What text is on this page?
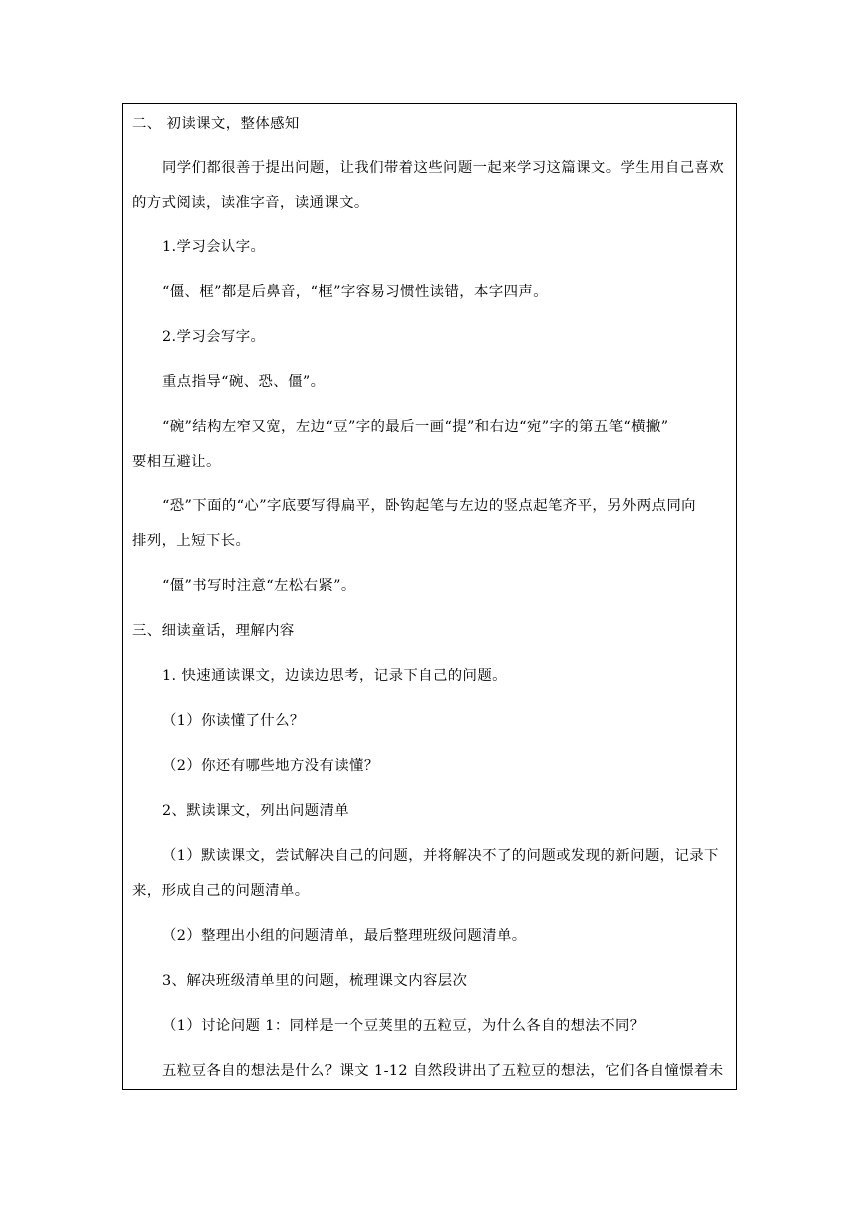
二、 初读课文，整体感知
同学们都很善于提出问题，让我们带着这些问题一起来学习这篇课文。学生用自己喜欢
的方式阅读，读准字音，读通课文。
1.学习会认字。
“僵、框”都是后鼻音，“框”字容易习惯性读错，本字四声。
2.学习会写字。
重点指导“碗、恐、僵”。
“碗”结构左窄又宽，左边“豆”字的最后一画“提”和右边“宛”字的第五笔“横撇”
要相互避让。
“恐”下面的“心”字底要写得扁平，卧钩起笔与左边的竖点起笔齐平，另外两点同向
排列，上短下长。
“僵”书写时注意“左松右紧”。
三、细读童话，理解内容
1. 快速通读课文，边读边思考，记录下自己的问题。
（1）你读懂了什么？
（2）你还有哪些地方没有读懂？
2、默读课文，列出问题清单
（1）默读课文，尝试解决自己的问题，并将解决不了的问题或发现的新问题，记录下
来，形成自己的问题清单。
（2）整理出小组的问题清单，最后整理班级问题清单。
3、解决班级清单里的问题，梳理课文内容层次
（1）讨论问题 1：同样是一个豆荚里的五粒豆，为什么各自的想法不同？
五粒豆各自的想法是什么？课文 1-12 自然段讲出了五粒豆的想法，它们各自憧憬着未
